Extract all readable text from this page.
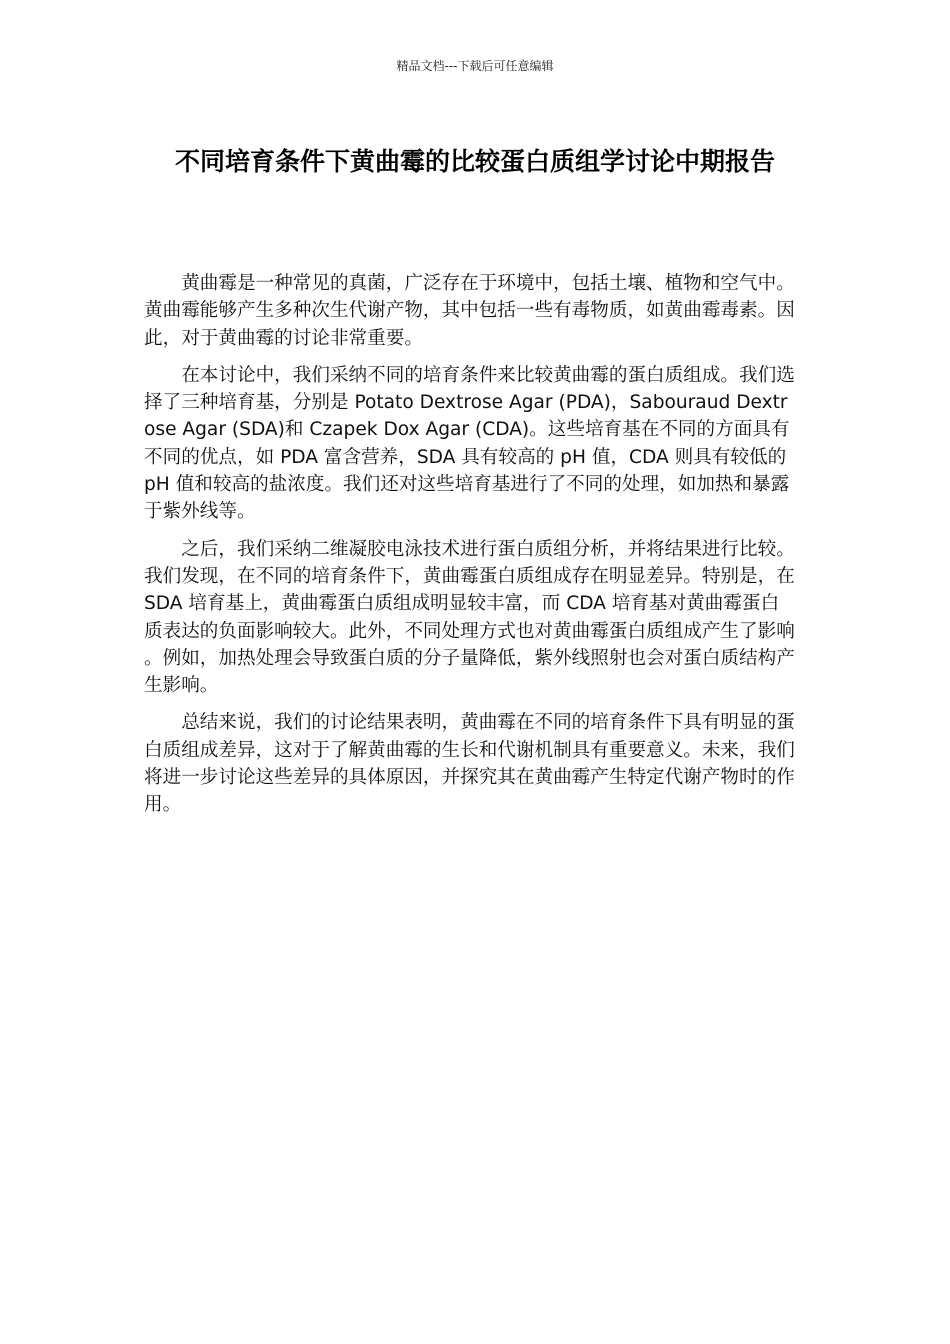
精品文档---下载后可任意编辑
不同培育条件下黄曲霉的比较蛋白质组学讨论中期报告

黄曲霉是一种常见的真菌，广泛存在于环境中，包括土壤、植物和空气中。黄曲霉能够产生多种次生代谢产物，其中包括一些有毒物质，如黄曲霉毒素。因此，对于黄曲霉的讨论非常重要。

在本讨论中，我们采纳不同的培育条件来比较黄曲霉的蛋白质组成。我们选择了三种培育基，分别是 Potato Dextrose Agar (PDA)，Sabouraud Dextrose Agar (SDA)和 Czapek Dox Agar (CDA)。这些培育基在不同的方面具有不同的优点，如 PDA 富含营养，SDA 具有较高的 pH 值，CDA 则具有较低的 pH 值和较高的盐浓度。我们还对这些培育基进行了不同的处理，如加热和暴露于紫外线等。

之后，我们采纳二维凝胶电泳技术进行蛋白质组分析，并将结果进行比较。我们发现，在不同的培育条件下，黄曲霉蛋白质组成存在明显差异。特别是，在 SDA 培育基上，黄曲霉蛋白质组成明显较丰富，而 CDA 培育基对黄曲霉蛋白质表达的负面影响较大。此外，不同处理方式也对黄曲霉蛋白质组成产生了影响。例如，加热处理会导致蛋白质的分子量降低，紫外线照射也会对蛋白质结构产生影响。

总结来说，我们的讨论结果表明，黄曲霉在不同的培育条件下具有明显的蛋白质组成差异，这对于了解黄曲霉的生长和代谢机制具有重要意义。未来，我们将进一步讨论这些差异的具体原因，并探究其在黄曲霉产生特定代谢产物时的作用。
